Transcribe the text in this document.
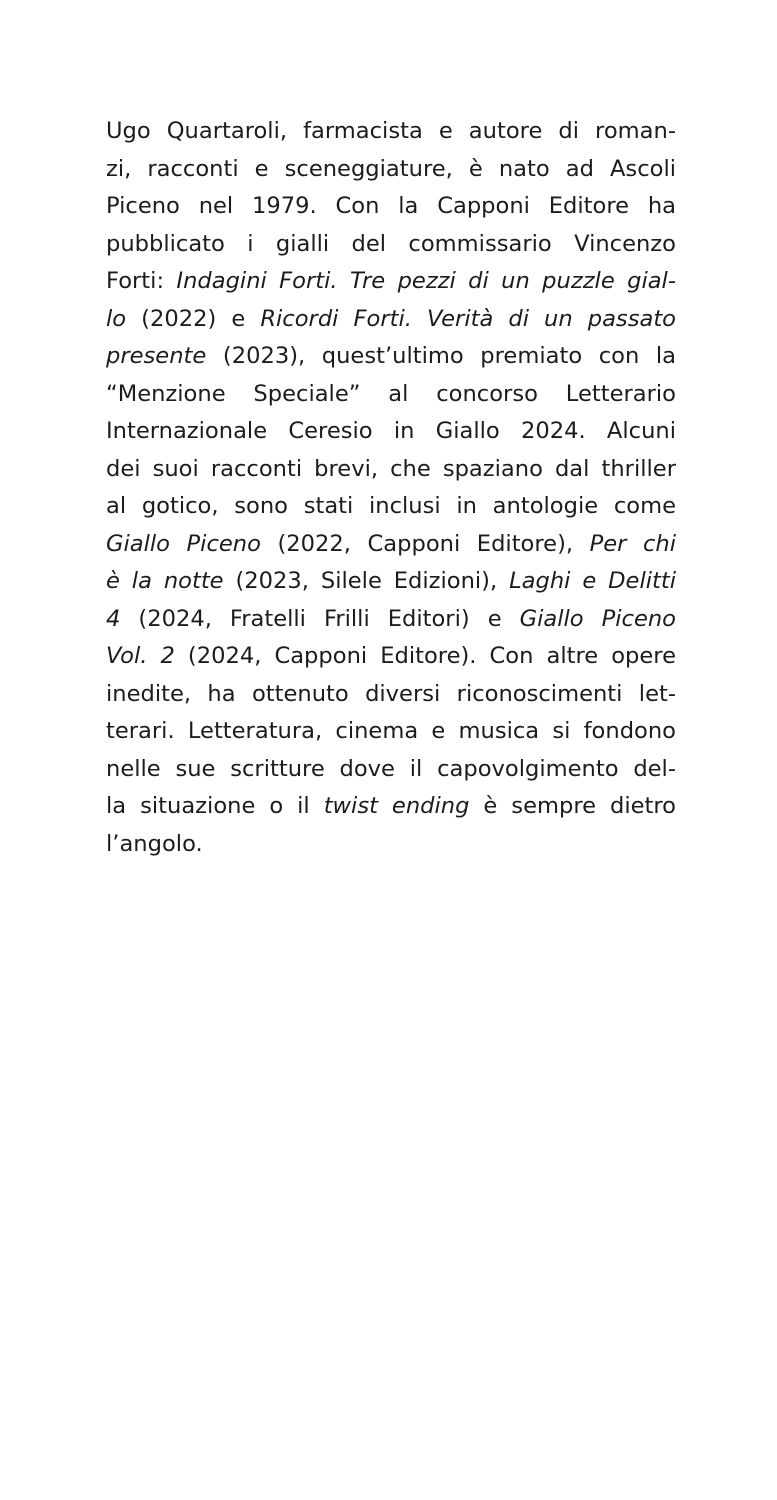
Ugo Quartaroli, farmacista e autore di roman-
zi, racconti e sceneggiature, è nato ad Ascoli
Piceno nel 1979. Con la Capponi Editore ha
pubblicato i gialli del commissario Vincenzo
Forti: Indagini Forti. Tre pezzi di un puzzle gial-
lo (2022) e Ricordi Forti. Verità di un passato
presente (2023), quest’ultimo premiato con la
“Menzione Speciale” al concorso Letterario
Internazionale Ceresio in Giallo 2024. Alcuni
dei suoi racconti brevi, che spaziano dal thriller
al gotico, sono stati inclusi in antologie come
Giallo Piceno (2022, Capponi Editore), Per chi
è la notte (2023, Silele Edizioni), Laghi e Delitti
4 (2024, Fratelli Frilli Editori) e Giallo Piceno
Vol. 2 (2024, Capponi Editore). Con altre opere
inedite, ha ottenuto diversi riconoscimenti let-
terari. Letteratura, cinema e musica si fondono
nelle sue scritture dove il capovolgimento del-
la situazione o il twist ending è sempre dietro
l’angolo.
